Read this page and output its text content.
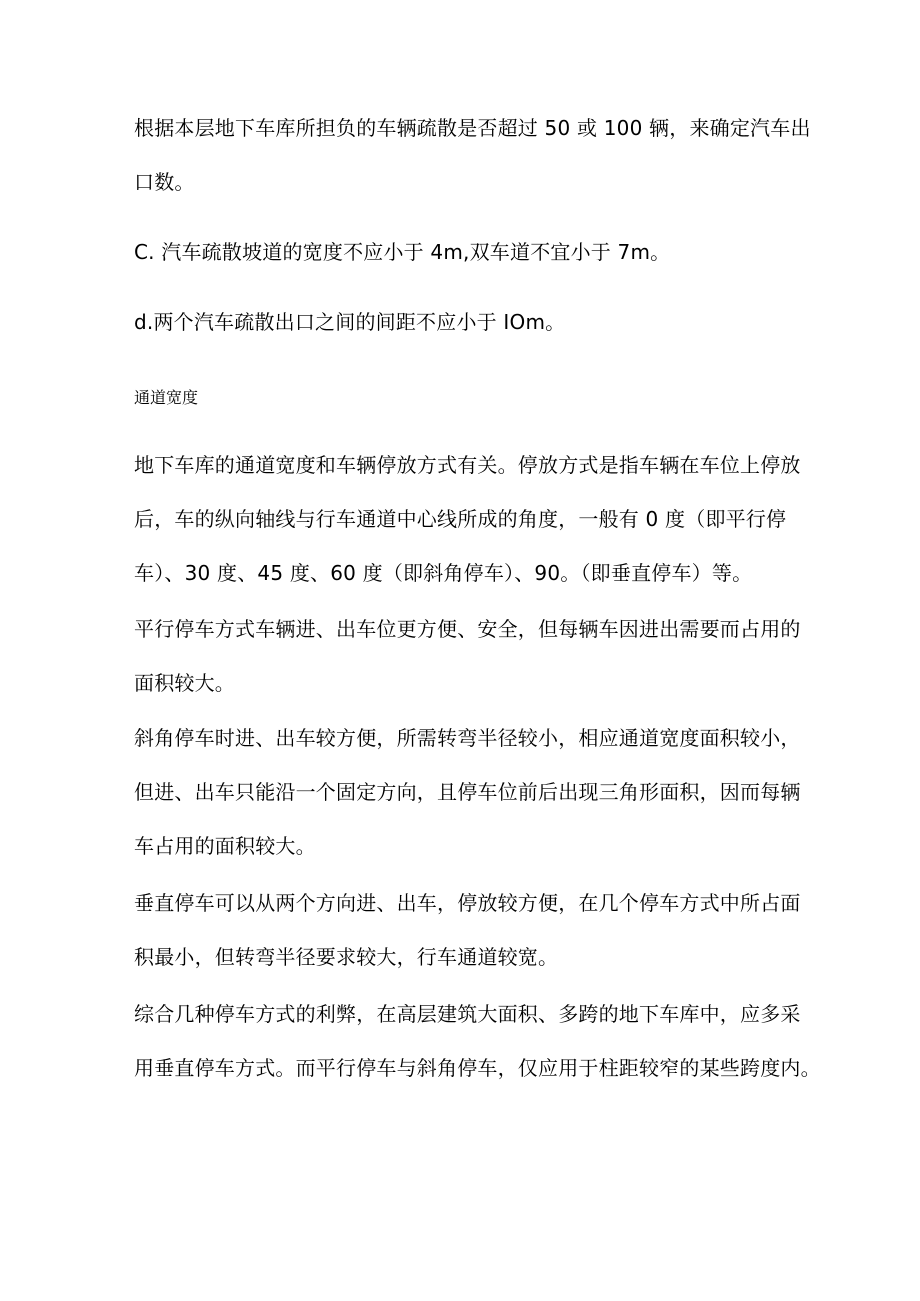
根据本层地下车库所担负的车辆疏散是否超过 50 或 100 辆，来确定汽车出
口数。

C. 汽车疏散坡道的宽度不应小于 4m,双车道不宜小于 7m。

d.两个汽车疏散出口之间的间距不应小于 IOm。

通道宽度

地下车库的通道宽度和车辆停放方式有关。停放方式是指车辆在车位上停放
后，车的纵向轴线与行车通道中心线所成的角度，一般有 0 度（即平行停
车）、30 度、45 度、60 度（即斜角停车）、90。（即垂直停车）等。

平行停车方式车辆进、出车位更方便、安全，但每辆车因进出需要而占用的
面积较大。

斜角停车时进、出车较方便，所需转弯半径较小，相应通道宽度面积较小，
但进、出车只能沿一个固定方向，且停车位前后出现三角形面积，因而每辆
车占用的面积较大。

垂直停车可以从两个方向进、出车，停放较方便，在几个停车方式中所占面
积最小，但转弯半径要求较大，行车通道较宽。

综合几种停车方式的利弊，在高层建筑大面积、多跨的地下车库中，应多采
用垂直停车方式。而平行停车与斜角停车，仅应用于柱距较窄的某些跨度内。
